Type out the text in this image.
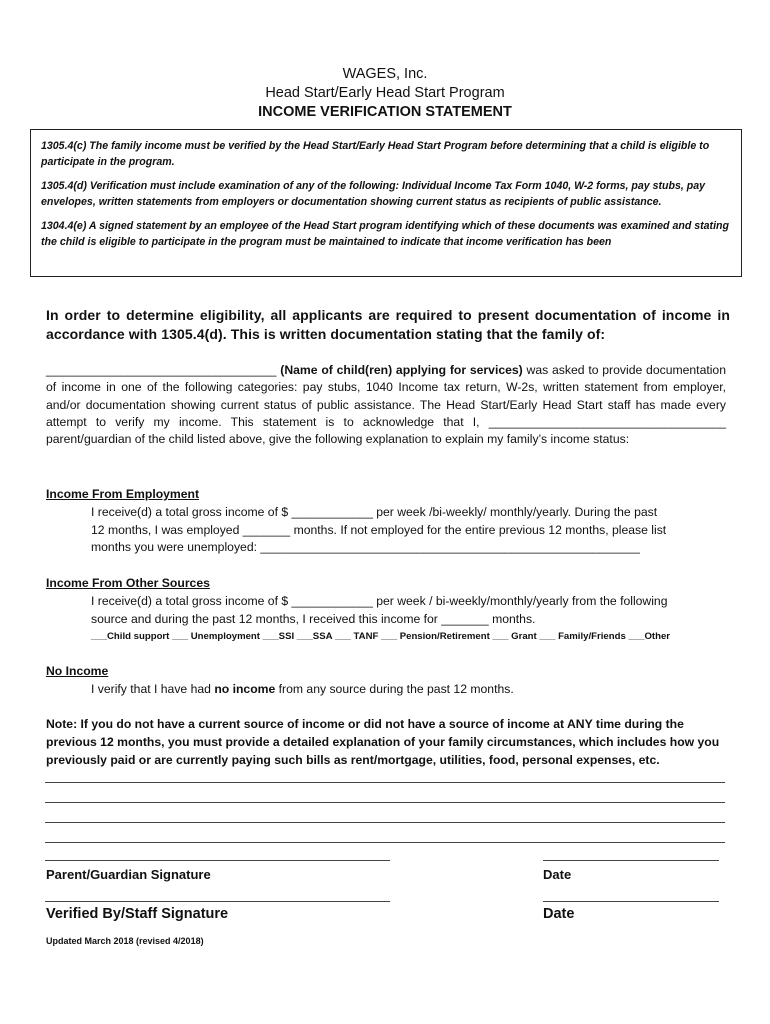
WAGES, Inc.
Head Start/Early Head Start Program
INCOME VERIFICATION STATEMENT

1305.4(c) The family income must be verified by the Head Start/Early Head Start Program before determining that a child is eligible to participate in the program.

1305.4(d) Verification must include examination of any of the following: Individual Income Tax Form 1040, W-2 forms, pay stubs, pay envelopes, written statements from employers or documentation showing current status as recipients of public assistance.

1304.4(e) A signed statement by an employee of the Head Start program identifying which of these documents was examined and stating the child is eligible to participate in the program must be maintained to indicate that income verification has been

In order to determine eligibility, all applicants are required to present documentation of income in accordance with 1305.4(d). This is written documentation stating that the family of:
__________________________________ (Name of child(ren) applying for services) was asked to provide documentation of income in one of the following categories: pay stubs, 1040 Income tax return, W-2s, written statement from employer, and/or documentation showing current status of public assistance. The Head Start/Early Head Start staff has made every attempt to verify my income. This statement is to acknowledge that I, ___________________________________ parent/guardian of the child listed above, give the following explanation to explain my family’s income status:
Income From Employment
I receive(d) a total gross income of $ ____________ per week /bi-weekly/ monthly/yearly. During the past
12 months, I was employed _______ months. If not employed for the entire previous 12 months, please list
months you were unemployed: ________________________________________________________
Income From Other Sources
I receive(d) a total gross income of $ ____________ per week / bi-weekly/monthly/yearly from the following
source and during the past 12 months, I received this income for _______ months.
___Child support ___ Unemployment ___SSI ___SSA ___ TANF ___ Pension/Retirement ___ Grant ___ Family/Friends ___Other
No Income
I verify that I have had no income from any source during the past 12 months.
Note: If you do not have a current source of income or did not have a source of income at ANY time during the previous 12 months, you must provide a detailed explanation of your family circumstances, which includes how you previously paid or are currently paying such bills as rent/mortgage, utilities, food, personal expenses, etc.
Parent/Guardian Signature	Date
Verified By/Staff Signature	Date
Updated March 2018 (revised 4/2018)
